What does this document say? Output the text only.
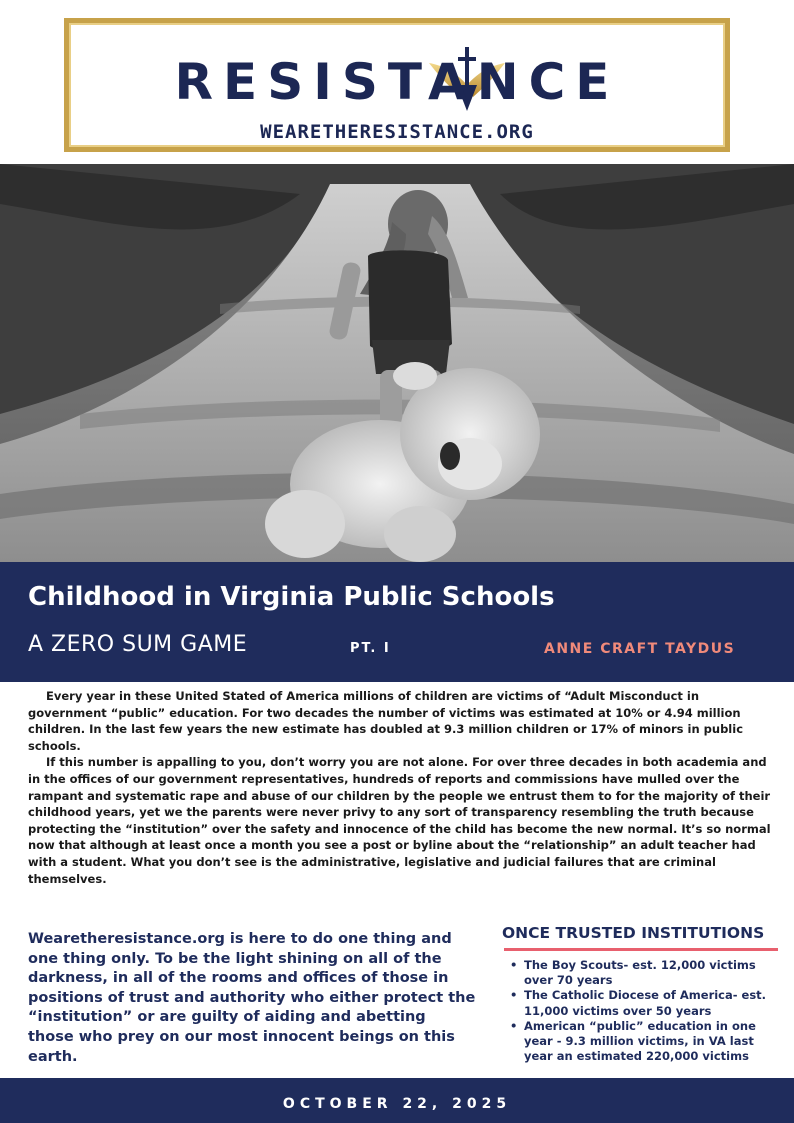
RESISTANCE
WEARETHERESISTANCE.ORG
Childhood in Virginia Public Schools
A ZERO SUM GAME	PT. I	ANNE CRAFT TAYDUS

Every year in these United Stated of America millions of children are victims of “Adult Misconduct in government “public” education. For two decades the number of victims was estimated at 10% or 4.94 million children. In the last few years the new estimate has doubled at 9.3 million children or 17% of minors in public schools.

If this number is appalling to you, don’t worry you are not alone. For over three decades in both academia and in the offices of our government representatives, hundreds of reports and commissions have mulled over the rampant and systematic rape and abuse of our children by the people we entrust them to for the majority of their childhood years, yet we the parents were never privy to any sort of transparency resembling the truth because protecting the “institution” over the safety and innocence of the child has become the new normal. It’s so normal now that although at least once a month you see a post or byline about the “relationship” an adult teacher had with a student. What you don’t see is the administrative, legislative and judicial failures that are criminal themselves.

Wearetheresistance.org is here to do one thing and one thing only. To be the light shining on all of the darkness, in all of the rooms and offices of those in positions of trust and authority who either protect the “institution” or are guilty of aiding and abetting those who prey on our most innocent beings on this earth.
ONCE TRUSTED INSTITUTIONS
• The Boy Scouts- est. 12,000 victims over 70 years
• The Catholic Diocese of America- est. 11,000 victims over 50 years
• American “public” education in one year - 9.3 million victims, in VA last year an estimated 220,000 victims
OCTOBER 22, 2025
